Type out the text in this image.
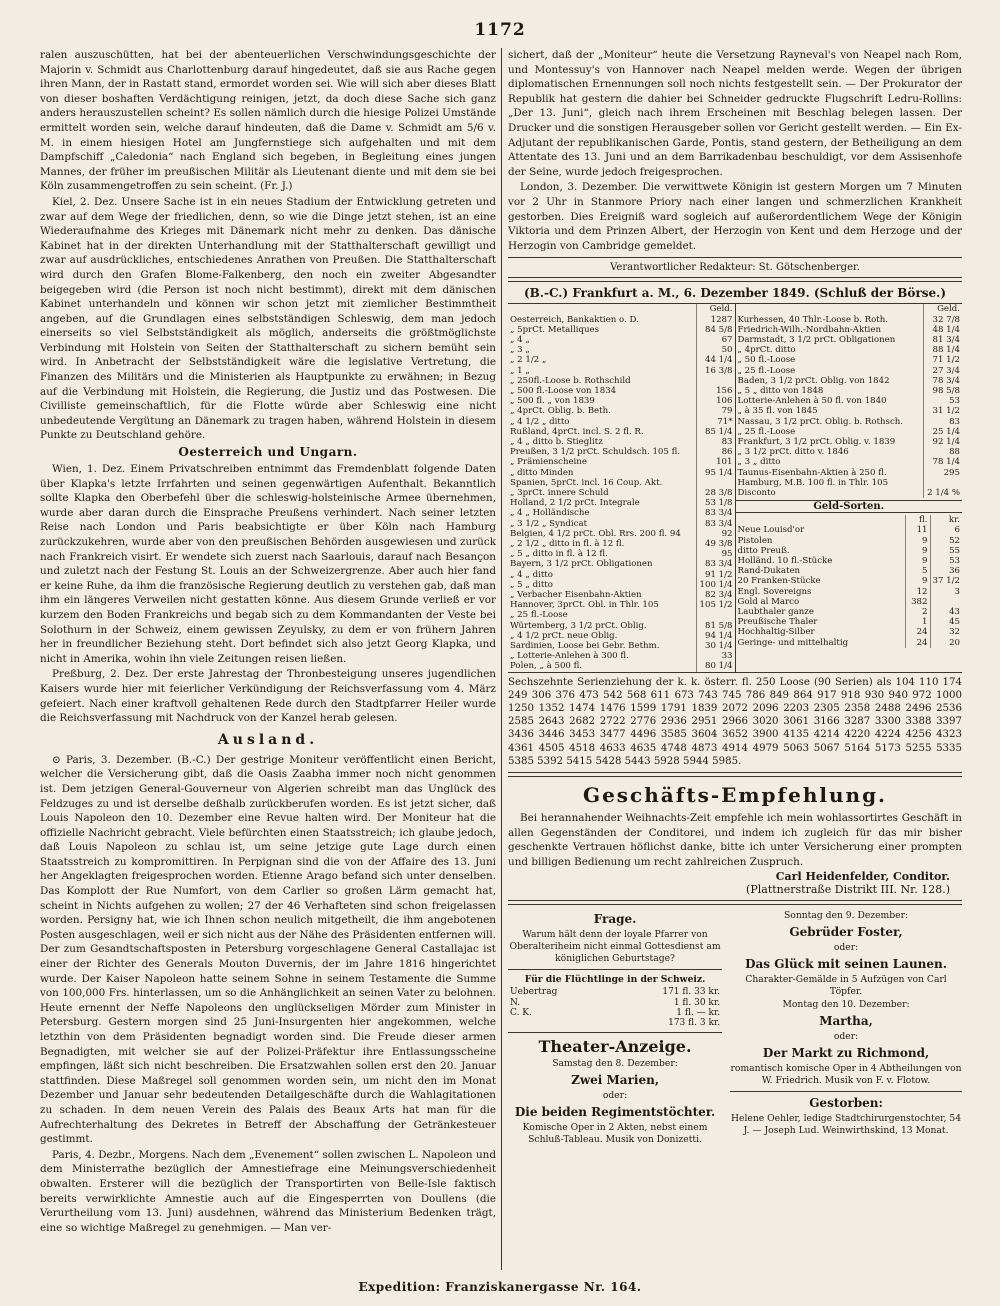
1172

ralen auszuschütten, hat bei der abenteuerlichen Verschwindungsgeschichte der Majorin v. Schmidt aus Charlottenburg darauf hingedeutet, daß sie aus Rache gegen ihren Mann, der in Rastatt stand, ermordet worden sei. Wie will sich aber dieses Blatt von dieser boshaften Verdächtigung reinigen, jetzt, da doch diese Sache sich ganz anders herauszustellen scheint? Es sollen nämlich durch die hiesige Polizei Umstände ermittelt worden sein, welche darauf hindeuten, daß die Dame v. Schmidt am 5/6 v. M. in einem hiesigen Hotel am Jungfernstiege sich aufgehalten und mit dem Dampfschiff „Caledonia“ nach England sich begeben, in Begleitung eines jungen Mannes, der früher im preußischen Militär als Lieutenant diente und mit dem sie bei Köln zusammengetroffen zu sein scheint. (Fr. J.)

Kiel, 2. Dez. Unsere Sache ist in ein neues Stadium der Entwicklung getreten und zwar auf dem Wege der friedlichen, denn, so wie die Dinge jetzt stehen, ist an eine Wiederaufnahme des Krieges mit Dänemark nicht mehr zu denken. Das dänische Kabinet hat in der direkten Unterhandlung mit der Statthalterschaft gewilligt und zwar auf ausdrückliches, entschiedenes Anrathen von Preußen. Die Statthalterschaft wird durch den Grafen Blome-Falkenberg, den noch ein zweiter Abgesandter beigegeben wird (die Person ist noch nicht bestimmt), direkt mit dem dänischen Kabinet unterhandeln und können wir schon jetzt mit ziemlicher Bestimmtheit angeben, auf die Grundlagen eines selbstständigen Schleswig, dem man jedoch einerseits so viel Selbstständigkeit als möglich, anderseits die größtmöglichste Verbindung mit Holstein von Seiten der Statthalterschaft zu sichern bemüht sein wird. In Anbetracht der Selbstständigkeit wäre die legislative Vertretung, die Finanzen des Militärs und die Ministerien als Hauptpunkte zu erwähnen; in Bezug auf die Verbindung mit Holstein, die Regierung, die Justiz und das Postwesen. Die Civilliste gemeinschaftlich, für die Flotte würde aber Schleswig eine nicht unbedeutende Vergütung an Dänemark zu tragen haben, während Holstein in diesem Punkte zu Deutschland gehöre.

Oesterreich und Ungarn.

Wien, 1. Dez. Einem Privatschreiben entnimmt das Fremdenblatt folgende Daten über Klapka's letzte Irrfahrten und seinen gegenwärtigen Aufenthalt. Bekanntlich sollte Klapka den Oberbefehl über die schleswig-holsteinische Armee übernehmen, wurde aber daran durch die Einsprache Preußens verhindert. Nach seiner letzten Reise nach London und Paris beabsichtigte er über Köln nach Hamburg zurückzukehren, wurde aber von den preußischen Behörden ausgewiesen und zurück nach Frankreich visirt. Er wendete sich zuerst nach Saarlouis, darauf nach Besançon und zuletzt nach der Festung St. Louis an der Schweizergrenze. Aber auch hier fand er keine Ruhe, da ihm die französische Regierung deutlich zu verstehen gab, daß man ihm ein längeres Verweilen nicht gestatten könne. Aus diesem Grunde verließ er vor kurzem den Boden Frankreichs und begab sich zu dem Kommandanten der Veste bei Solothurn in der Schweiz, einem gewissen Zeyulsky, zu dem er von frühern Jahren her in freundlicher Beziehung steht. Dort befindet sich also jetzt Georg Klapka, und nicht in Amerika, wohin ihn viele Zeitungen reisen ließen.

Preßburg, 2. Dez. Der erste Jahrestag der Thronbesteigung unseres jugendlichen Kaisers wurde hier mit feierlicher Verkündigung der Reichsverfassung vom 4. März gefeiert. Nach einer kraftvoll gehaltenen Rede durch den Stadtpfarrer Heiler wurde die Reichsverfassung mit Nachdruck von der Kanzel herab gelesen.

Ausland.

⊙ Paris, 3. Dezember. (B.-C.) Der gestrige Moniteur veröffentlicht einen Bericht, welcher die Versicherung gibt, daß die Oasis Zaabha immer noch nicht genommen ist. Dem jetzigen General-Gouverneur von Algerien schreibt man das Unglück des Feldzuges zu und ist derselbe deßhalb zurückberufen worden. Es ist jetzt sicher, daß Louis Napoleon den 10. Dezember eine Revue halten wird. Der Moniteur hat die offizielle Nachricht gebracht. Viele befürchten einen Staatsstreich; ich glaube jedoch, daß Louis Napoleon zu schlau ist, um seine jetzige gute Lage durch einen Staatsstreich zu kompromittiren. In Perpignan sind die von der Affaire des 13. Juni her Angeklagten freigesprochen worden. Etienne Arago befand sich unter denselben. Das Komplott der Rue Numfort, von dem Carlier so großen Lärm gemacht hat, scheint in Nichts aufgehen zu wollen; 27 der 46 Verhafteten sind schon freigelassen worden. Persigny hat, wie ich Ihnen schon neulich mitgetheilt, die ihm angebotenen Posten ausgeschlagen, weil er sich nicht aus der Nähe des Präsidenten entfernen will. Der zum Gesandtschaftsposten in Petersburg vorgeschlagene General Castallajac ist einer der Richter des Generals Mouton Duvernis, der im Jahre 1816 hingerichtet wurde. Der Kaiser Napoleon hatte seinem Sohne in seinem Testamente die Summe von 100,000 Frs. hinterlassen, um so die Anhänglichkeit an seinen Vater zu belohnen. Heute ernennt der Neffe Napoleons den unglückseligen Mörder zum Minister in Petersburg. Gestern morgen sind 25 Juni-Insurgenten hier angekommen, welche letzthin von dem Präsidenten begnadigt worden sind. Die Freude dieser armen Begnadigten, mit welcher sie auf der Polizei-Präfektur ihre Entlassungsscheine empfingen, läßt sich nicht beschreiben. Die Ersatzwahlen sollen erst den 20. Januar stattfinden. Diese Maßregel soll genommen worden sein, um nicht den im Monat Dezember und Januar sehr bedeutenden Detailgeschäfte durch die Wahlagitationen zu schaden. In dem neuen Verein des Palais des Beaux Arts hat man für die Aufrechterhaltung des Dekretes in Betreff der Abschaffung der Getränkesteuer gestimmt.

Paris, 4. Dezbr., Morgens. Nach dem „Evenement“ sollen zwischen L. Napoleon und dem Ministerrathe bezüglich der Amnestiefrage eine Meinungsverschiedenheit obwalten. Ersterer will die bezüglich der Transportirten von Belle-Isle faktisch bereits verwirklichte Amnestie auch auf die Eingesperrten von Doullens (die Verurtheilung vom 13. Juni) ausdehnen, während das Ministerium Bedenken trägt, eine so wichtige Maßregel zu genehmigen. — Man ver-

sichert, daß der „Moniteur“ heute die Versetzung Rayneval's von Neapel nach Rom, und Montessuy's von Hannover nach Neapel melden werde. Wegen der übrigen diplomatischen Ernennungen soll noch nichts festgestellt sein. — Der Prokurator der Republik hat gestern die dahier bei Schneider gedruckte Flugschrift Ledru-Rollins: „Der 13. Juni“, gleich nach ihrem Erscheinen mit Beschlag belegen lassen. Der Drucker und die sonstigen Herausgeber sollen vor Gericht gestellt werden. — Ein Ex-Adjutant der republikanischen Garde, Pontis, stand gestern, der Betheiligung an dem Attentate des 13. Juni und an dem Barrikadenbau beschuldigt, vor dem Assisenhofe der Seine, wurde jedoch freigesprochen.

London, 3. Dezember. Die verwittwete Königin ist gestern Morgen um 7 Minuten vor 2 Uhr in Stanmore Priory nach einer langen und schmerzlichen Krankheit gestorben. Dies Ereigniß ward sogleich auf außerordentlichem Wege der Königin Viktoria und dem Prinzen Albert, der Herzogin von Kent und dem Herzoge und der Herzogin von Cambridge gemeldet.

Verantwortlicher Redakteur: St. Götschenberger.
(B.-C.) Frankfurt a. M., 6. Dezember 1849. (Schluß der Börse.)
	Geld.
Oesterreich, Bankaktien o. D.	1287
„ 5prCt. Metalliques	84 5/8
„ 4 „	67
„ 3 „	50
„ 2 1/2 „	44 1/4
„ 1 „	16 3/8
„ 250fl.-Loose b. Rothschild	
„ 500 fl.-Loose von 1834	156
„ 500 fl. „ von 1839	106
„ 4prCt. Oblig. b. Beth.	79
„ 4 1/2 „ ditto	71*
Rußland, 4prCt. incl. S. 2 fl. R.	85 1/4
„ 4 „ ditto b. Stieglitz	83
Preußen, 3 1/2 prCt. Schuldsch. 105 fl.	86
„ Prämienscheine	101
„ ditto Minden	95 1/4
Spanien, 5prCt. incl. 16 Coup. Akt.	
„ 3prCt. innere Schuld	28 3/8
Holland, 2 1/2 prCt. Integrale	53 1/8
„ 4 „ Holländische	83 3/4
„ 3 1/2 „ Syndicat	83 3/4
Belgien, 4 1/2 prCt. Obl. Rrs. 200 fl. 94	92
„ 2 1/2 „ ditto in fl. à 12 fl.	49 3/8
„ 5 „ ditto in fl. à 12 fl.	95
Bayern, 3 1/2 prCt. Obligationen	83 3/4
„ 4 „ ditto	91 1/2
„ 5 „ ditto	100 1/4
„ Verbacher Eisenbahn-Aktien	82 3/4
Hannover, 3prCt. Obl. in Thlr. 105	105 1/2
„ 25 fl.-Loose	
Würtemberg, 3 1/2 prCt. Oblig.	81 5/8
„ 4 1/2 prCt. neue Oblig.	94 1/4
Sardinien, Loose bei Gebr. Bethm.	30 1/4
„ Lotterie-Anlehen à 300 fl.	33
Polen, „ à 500 fl.	80 1/4
	Geld.
Kurhessen, 40 Thlr.-Loose b. Roth.	32 7/8
Friedrich-Wilh.-Nordbahn-Aktien	48 1/4
Darmstadt, 3 1/2 prCt. Obligationen	81 3/4
„ 4prCt. ditto	88 1/4
„ 50 fl.-Loose	71 1/2
„ 25 fl.-Loose	27 3/4
Baden, 3 1/2 prCt. Oblig. von 1842	78 3/4
„ 5 „ ditto von 1848	98 5/8
Lotterie-Anlehen à 50 fl. von 1840	53
„ à 35 fl. von 1845	31 1/2
Nassau, 3 1/2 prCt. Oblig. b. Rothsch.	83
„ 25 fl.-Loose	25 1/4
Frankfurt, 3 1/2 prCt. Oblig. v. 1839	92 1/4
„ 3 1/2 prCt. ditto v. 1846	88
„ 3 „ ditto	78 1/4
Taunus-Eisenbahn-Aktien à 250 fl.	295
Hamburg, M.B. 100 fl. in Thlr. 105	
Disconto	2 1/4 %
Geld-Sorten.
	fl.	kr.
Neue Louisd'or	11	6
Pistolen	9	52
ditto Preuß.	9	55
Holländ. 10 fl.-Stücke	9	53
Rand-Dukaten	5	36
20 Franken-Stücke	9	37 1/2
Engl. Sovereigns	12	3
Gold al Marco	382	
Laubthaler ganze	2	43
Preußische Thaler	1	45
Hochhaltig-Silber	24	32
Geringe- und mittelhaltig	24	20
Sechszehnte Serienziehung der k. k. österr. fl. 250 Loose (90 Serien) als 104 110 174 249 306 376 473 542 568 611 673 743 745 786 849 864 917 918 930 940 972 1000 1250 1352 1474 1476 1599 1791 1839 2072 2096 2203 2305 2358 2488 2496 2536 2585 2643 2682 2722 2776 2936 2951 2966 3020 3061 3166 3287 3300 3388 3397 3436 3446 3453 3477 4496 3585 3604 3652 3900 4135 4214 4220 4224 4256 4323 4361 4505 4518 4633 4635 4748 4873 4914 4979 5063 5067 5164 5173 5255 5335 5385 5392 5415 5428 5443 5928 5944 5985.
Geschäfts-Empfehlung.

Bei herannahender Weihnachts-Zeit empfehle ich mein wohlassortirtes Geschäft in allen Gegenständen der Conditorei, und indem ich zugleich für das mir bisher geschenkte Vertrauen höflichst danke, bitte ich unter Versicherung einer prompten und billigen Bedienung um recht zahlreichen Zuspruch.

Carl Heidenfelder, Conditor.
(Plattnerstraße Distrikt III. Nr. 128.)
Frage.
Warum hält denn der loyale Pfarrer von Oberalteriheim nicht einmal Gottesdienst am königlichen Geburtstage?
Für die Flüchtlinge in der Schweiz.
Uebertrag	171 fl. 33 kr.
N.	1 fl. 30 kr.
C. K.	1 fl. — kr.
	173 fl. 3 kr.
Theater-Anzeige.
Samstag den 8. Dezember:
Zwei Marien,
oder:
Die beiden Regimentstöchter.
Komische Oper in 2 Akten, nebst einem Schluß-Tableau. Musik von Donizetti.
Sonntag den 9. Dezember:
Gebrüder Foster,
oder:
Das Glück mit seinen Launen.
Charakter-Gemälde in 5 Aufzügen von Carl Töpfer.
Montag den 10. Dezember:
Martha,
oder:
Der Markt zu Richmond,
romantisch komische Oper in 4 Abtheilungen von W. Friedrich. Musik von F. v. Flotow.
Gestorben:
Helene Oehler, ledige Stadtchirurgenstochter, 54 J. — Joseph Lud. Weinwirthskind, 13 Monat.
Expedition: Franziskanergasse Nr. 164.
